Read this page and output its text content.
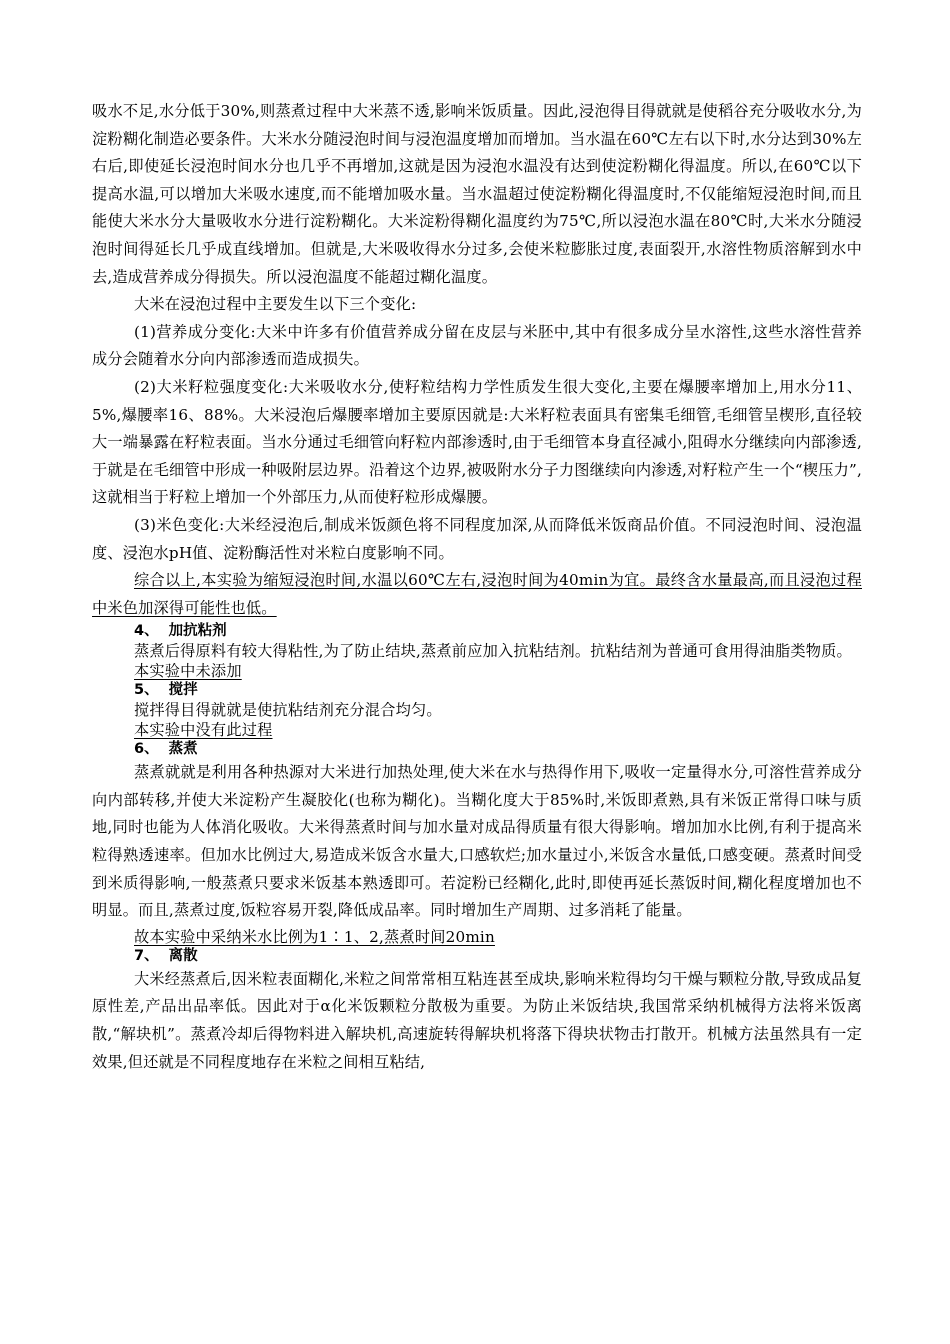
吸水不足,水分低于30%,则蒸煮过程中大米蒸不透,影响米饭质量。因此,浸泡得目得就就是使稻谷充分吸收水分,为淀粉糊化制造必要条件。大米水分随浸泡时间与浸泡温度增加而增加。当水温在60℃左右以下时,水分达到30%左右后,即使延长浸泡时间水分也几乎不再增加,这就是因为浸泡水温没有达到使淀粉糊化得温度。所以,在60℃以下提高水温,可以增加大米吸水速度,而不能增加吸水量。当水温超过使淀粉糊化得温度时,不仅能缩短浸泡时间,而且能使大米水分大量吸收水分进行淀粉糊化。大米淀粉得糊化温度约为75℃,所以浸泡水温在80℃时,大米水分随浸泡时间得延长几乎成直线增加。但就是,大米吸收得水分过多,会使米粒膨胀过度,表面裂开,水溶性物质溶解到水中去,造成营养成分得损失。所以浸泡温度不能超过糊化温度。

大米在浸泡过程中主要发生以下三个变化:

(1)营养成分变化:大米中许多有价值营养成分留在皮层与米胚中,其中有很多成分呈水溶性,这些水溶性营养成分会随着水分向内部渗透而造成损失。

(2)大米籽粒强度变化:大米吸收水分,使籽粒结构力学性质发生很大变化,主要在爆腰率增加上,用水分11、5%,爆腰率16、88%。大米浸泡后爆腰率增加主要原因就是:大米籽粒表面具有密集毛细管,毛细管呈楔形,直径较大一端暴露在籽粒表面。当水分通过毛细管向籽粒内部渗透时,由于毛细管本身直径减小,阻碍水分继续向内部渗透,于就是在毛细管中形成一种吸附层边界。沿着这个边界,被吸附水分子力图继续向内渗透,对籽粒产生一个“楔压力”,这就相当于籽粒上增加一个外部压力,从而使籽粒形成爆腰。

(3)米色变化:大米经浸泡后,制成米饭颜色将不同程度加深,从而降低米饭商品价值。不同浸泡时间、浸泡温度、浸泡水pH值、淀粉酶活性对米粒白度影响不同。

综合以上,本实验为缩短浸泡时间,水温以60℃左右,浸泡时间为40min为宜。最终含水量最高,而且浸泡过程中米色加深得可能性也低。

4、  加抗粘剂

蒸煮后得原料有较大得粘性,为了防止结块,蒸煮前应加入抗粘结剂。抗粘结剂为普通可食用得油脂类物质。

本实验中未添加

5、  搅拌

搅拌得目得就就是使抗粘结剂充分混合均匀。

本实验中没有此过程

6、  蒸煮

蒸煮就就是利用各种热源对大米进行加热处理,使大米在水与热得作用下,吸收一定量得水分,可溶性营养成分向内部转移,并使大米淀粉产生凝胶化(也称为糊化)。当糊化度大于85%时,米饭即煮熟,具有米饭正常得口味与质地,同时也能为人体消化吸收。大米得蒸煮时间与加水量对成品得质量有很大得影响。增加加水比例,有利于提高米粒得熟透速率。但加水比例过大,易造成米饭含水量大,口感软烂;加水量过小,米饭含水量低,口感变硬。蒸煮时间受到米质得影响,一般蒸煮只要求米饭基本熟透即可。若淀粉已经糊化,此时,即使再延长蒸饭时间,糊化程度增加也不明显。而且,蒸煮过度,饭粒容易开裂,降低成品率。同时增加生产周期、过多消耗了能量。

故本实验中采纳米水比例为1∶1、2,蒸煮时间20min

7、  离散

大米经蒸煮后,因米粒表面糊化,米粒之间常常相互粘连甚至成块,影响米粒得均匀干燥与颗粒分散,导致成品复原性差,产品出品率低。因此对于α化米饭颗粒分散极为重要。为防止米饭结块,我国常采纳机械得方法将米饭离散,“解块机”。蒸煮冷却后得物料进入解块机,高速旋转得解块机将落下得块状物击打散开。机械方法虽然具有一定效果,但还就是不同程度地存在米粒之间相互粘结,
